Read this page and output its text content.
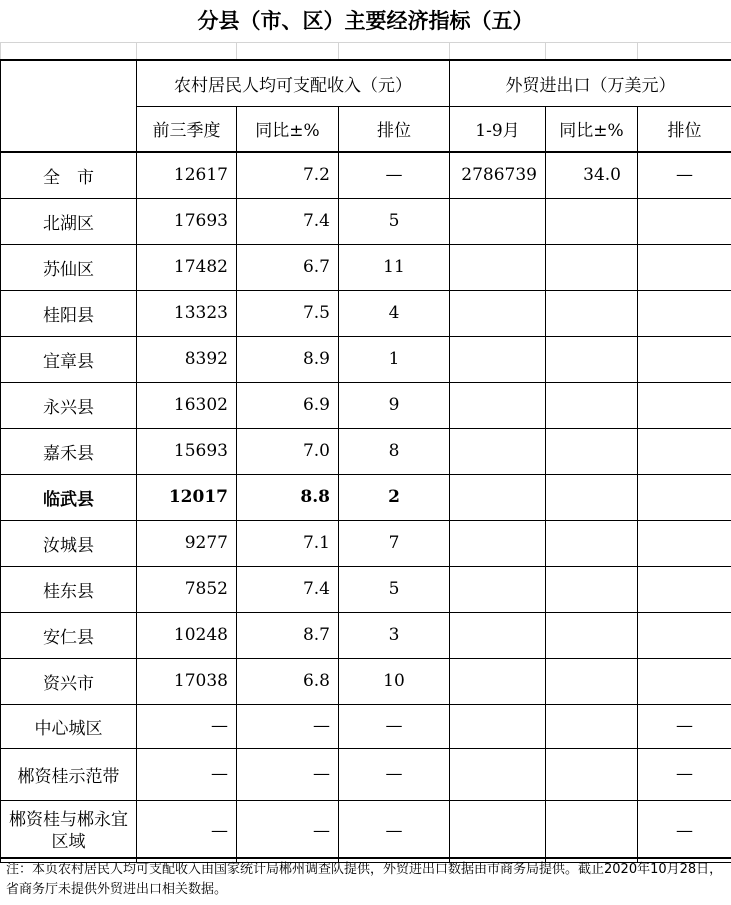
分县（市、区）主要经济指标（五）

	农村居民人均可支配收入（元）			外贸进出口（万美元）		
	前三季度	同比±%	排位	1-9月	同比±%	排位
全　市	12617	7.2	—	2786739	34.0	—
北湖区	17693	7.4	5			
苏仙区	17482	6.7	11			
桂阳县	13323	7.5	4			
宜章县	8392	8.9	1			
永兴县	16302	6.9	9			
嘉禾县	15693	7.0	8			
临武县	12017	8.8	2			
汝城县	9277	7.1	7			
桂东县	7852	7.4	5			
安仁县	10248	8.7	3			
资兴市	17038	6.8	10			
中心城区	—	—	—			—
郴资桂示范带	—	—	—			—
郴资桂与郴永宜区域	—	—	—			—
注：本页农村居民人均可支配收入由国家统计局郴州调查队提供，外贸进出口数据由市商务局提供。截止2020年10月28日，省商务厅未提供外贸进出口相关数据。
